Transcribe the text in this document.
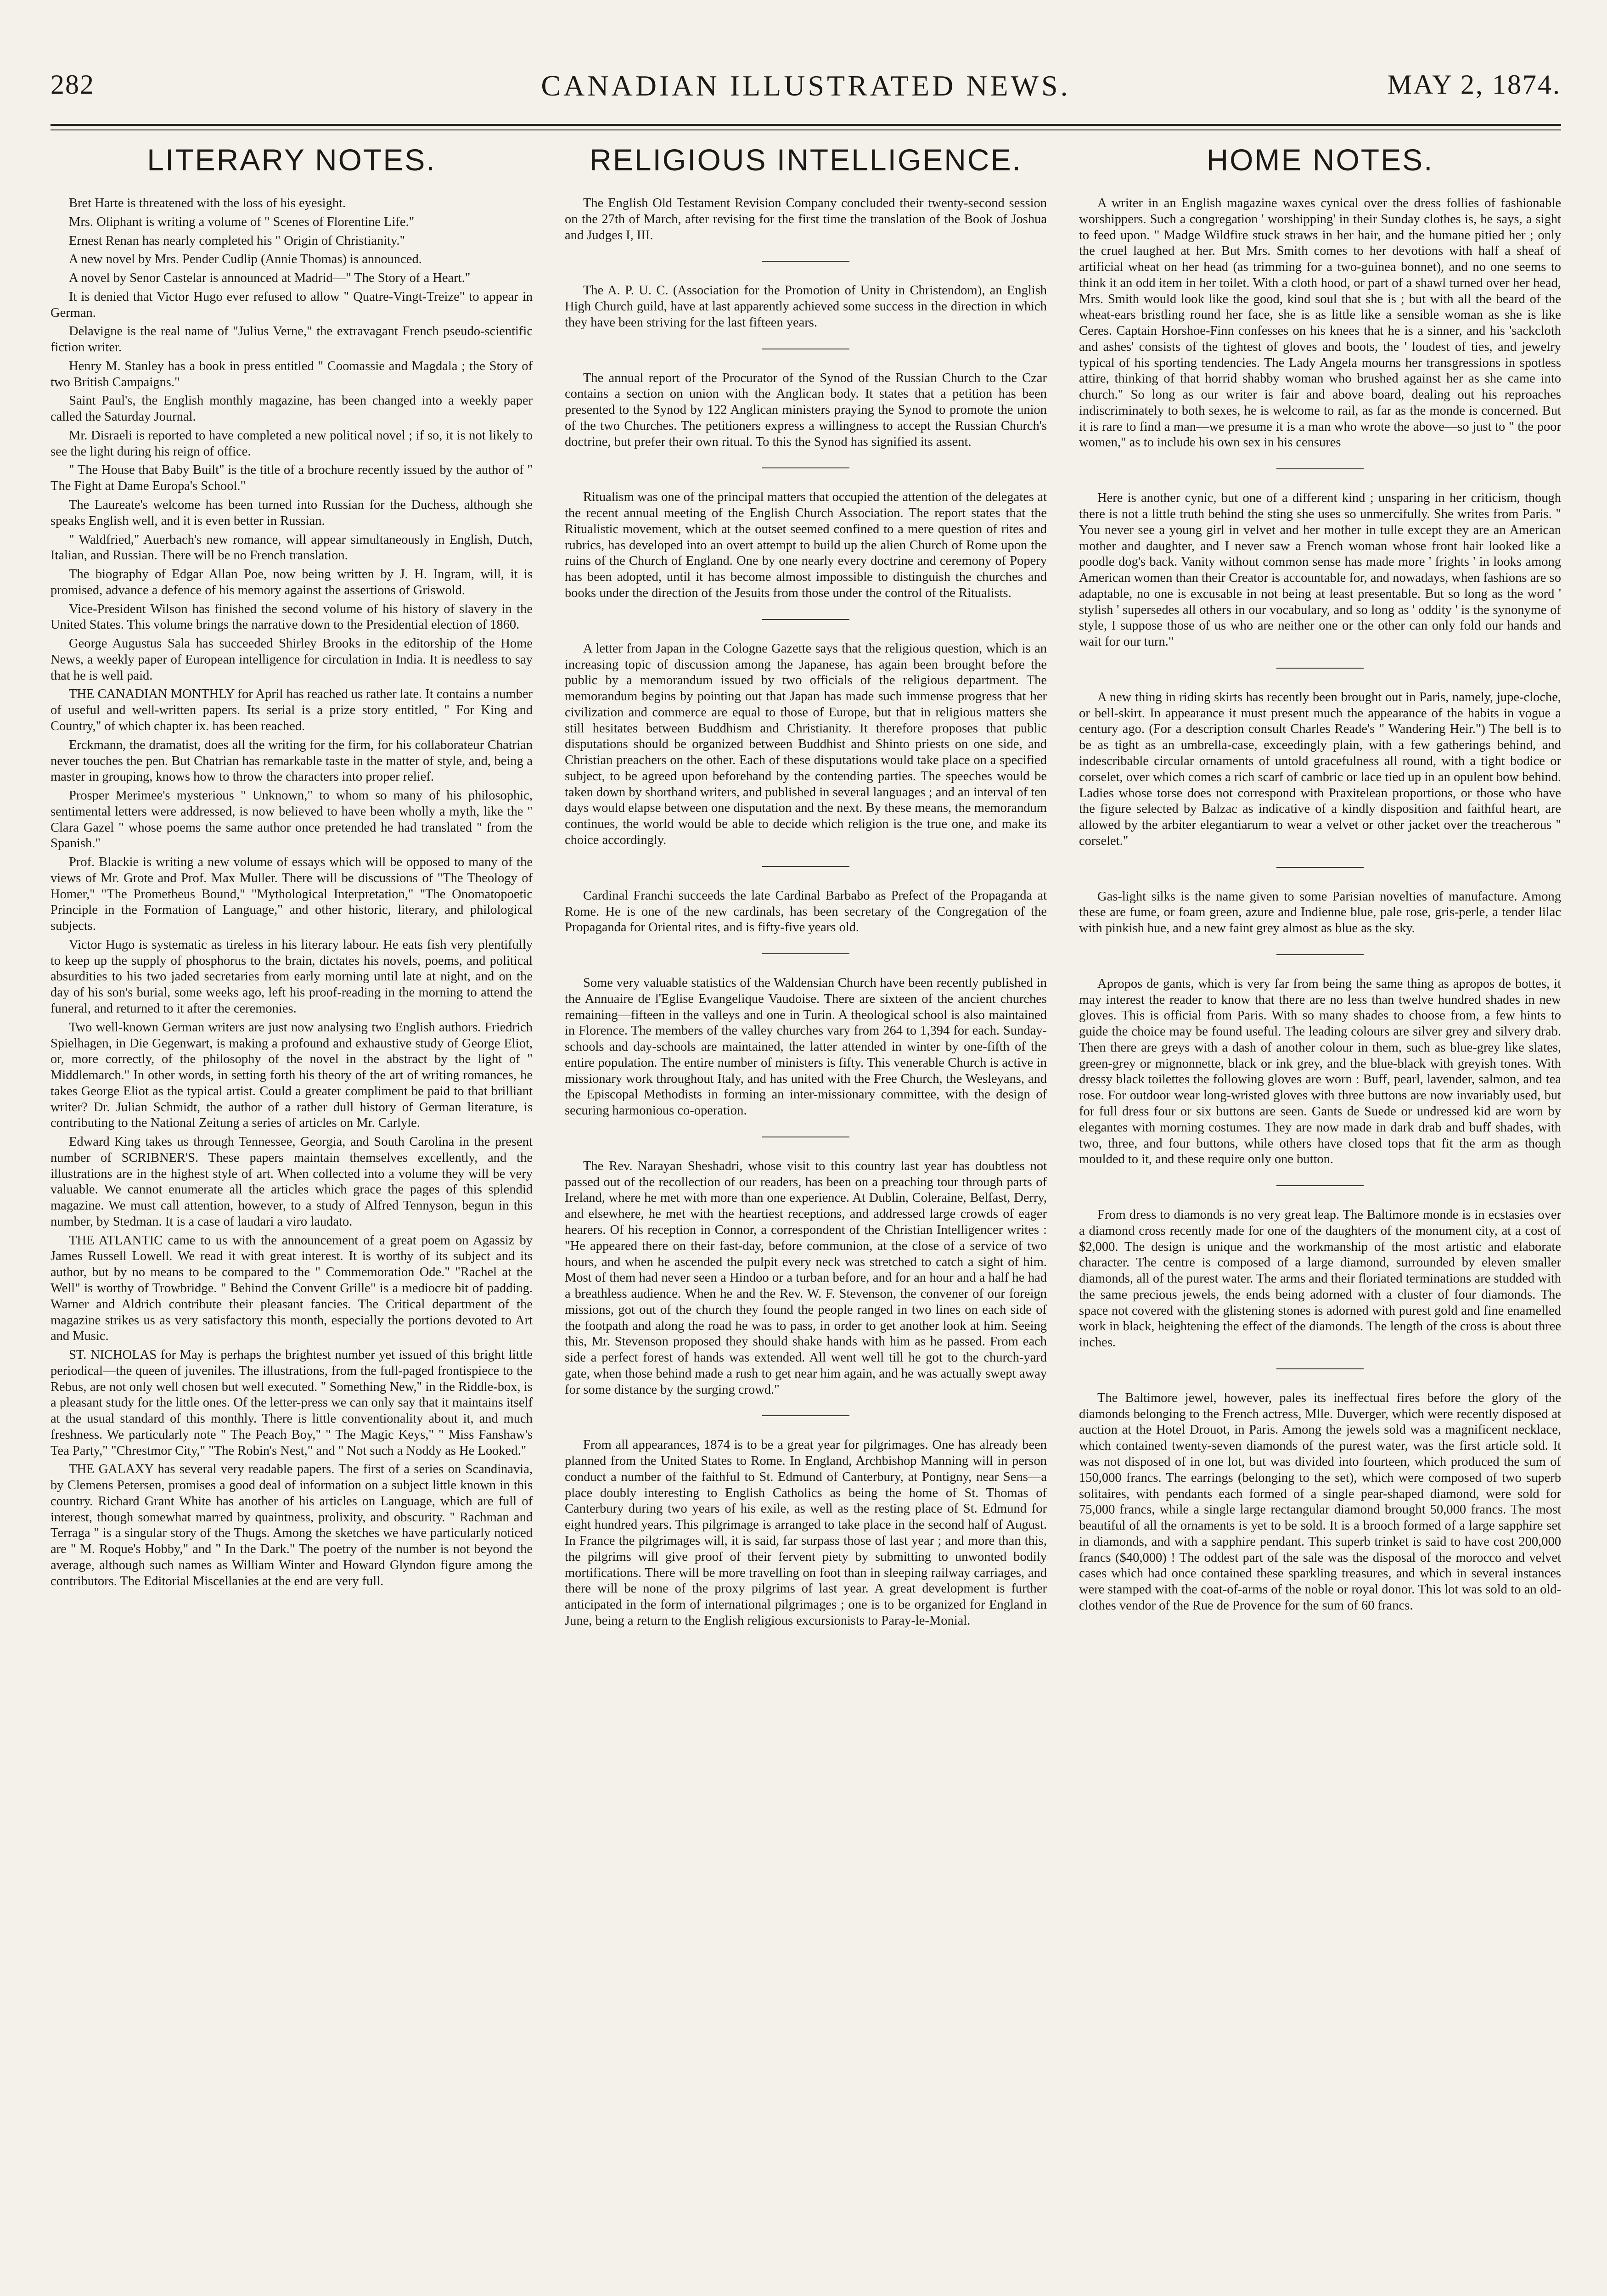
282	CANADIAN ILLUSTRATED NEWS.	MAY 2, 1874.
LITERARY NOTES.

Bret Harte is threatened with the loss of his eyesight.

Mrs. Oliphant is writing a volume of " Scenes of Florentine Life."

Ernest Renan has nearly completed his " Origin of Christianity."

A new novel by Mrs. Pender Cudlip (Annie Thomas) is announced.

A novel by Senor Castelar is announced at Madrid—" The Story of a Heart."

It is denied that Victor Hugo ever refused to allow " Quatre-Vingt-Treize" to appear in German.

Delavigne is the real name of "Julius Verne," the extravagant French pseudo-scientific fiction writer.

Henry M. Stanley has a book in press entitled " Coomassie and Magdala ; the Story of two British Campaigns."

Saint Paul's, the English monthly magazine, has been changed into a weekly paper called the Saturday Journal.

Mr. Disraeli is reported to have completed a new political novel ; if so, it is not likely to see the light during his reign of office.

" The House that Baby Built" is the title of a brochure recently issued by the author of " The Fight at Dame Europa's School."

The Laureate's welcome has been turned into Russian for the Duchess, although she speaks English well, and it is even better in Russian.

" Waldfried," Auerbach's new romance, will appear simultaneously in English, Dutch, Italian, and Russian. There will be no French translation.

The biography of Edgar Allan Poe, now being written by J. H. Ingram, will, it is promised, advance a defence of his memory against the assertions of Griswold.

Vice-President Wilson has finished the second volume of his history of slavery in the United States. This volume brings the narrative down to the Presidential election of 1860.

George Augustus Sala has succeeded Shirley Brooks in the editorship of the Home News, a weekly paper of European intelligence for circulation in India. It is needless to say that he is well paid.

THE CANADIAN MONTHLY for April has reached us rather late. It contains a number of useful and well-written papers. Its serial is a prize story entitled, " For King and Country," of which chapter ix. has been reached.

Erckmann, the dramatist, does all the writing for the firm, for his collaborateur Chatrian never touches the pen. But Chatrian has remarkable taste in the matter of style, and, being a master in grouping, knows how to throw the characters into proper relief.

Prosper Merimee's mysterious " Unknown," to whom so many of his philosophic, sentimental letters were addressed, is now believed to have been wholly a myth, like the " Clara Gazel " whose poems the same author once pretended he had translated " from the Spanish."

Prof. Blackie is writing a new volume of essays which will be opposed to many of the views of Mr. Grote and Prof. Max Muller. There will be discussions of "The Theology of Homer," "The Prometheus Bound," "Mythological Interpretation," "The Onomatopoetic Principle in the Formation of Language," and other historic, literary, and philological subjects.

Victor Hugo is systematic as tireless in his literary labour. He eats fish very plentifully to keep up the supply of phosphorus to the brain, dictates his novels, poems, and political absurdities to his two jaded secretaries from early morning until late at night, and on the day of his son's burial, some weeks ago, left his proof-reading in the morning to attend the funeral, and returned to it after the ceremonies.

Two well-known German writers are just now analysing two English authors. Friedrich Spielhagen, in Die Gegenwart, is making a profound and exhaustive study of George Eliot, or, more correctly, of the philosophy of the novel in the abstract by the light of " Middlemarch." In other words, in setting forth his theory of the art of writing romances, he takes George Eliot as the typical artist. Could a greater compliment be paid to that brilliant writer? Dr. Julian Schmidt, the author of a rather dull history of German literature, is contributing to the National Zeitung a series of articles on Mr. Carlyle.

Edward King takes us through Tennessee, Georgia, and South Carolina in the present number of SCRIBNER'S. These papers maintain themselves excellently, and the illustrations are in the highest style of art. When collected into a volume they will be very valuable. We cannot enumerate all the articles which grace the pages of this splendid magazine. We must call attention, however, to a study of Alfred Tennyson, begun in this number, by Stedman. It is a case of laudari a viro laudato.

THE ATLANTIC came to us with the announcement of a great poem on Agassiz by James Russell Lowell. We read it with great interest. It is worthy of its subject and its author, but by no means to be compared to the " Commemoration Ode." "Rachel at the Well" is worthy of Trowbridge. " Behind the Convent Grille" is a mediocre bit of padding. Warner and Aldrich contribute their pleasant fancies. The Critical department of the magazine strikes us as very satisfactory this month, especially the portions devoted to Art and Music.

ST. NICHOLAS for May is perhaps the brightest number yet issued of this bright little periodical—the queen of juveniles. The illustrations, from the full-paged frontispiece to the Rebus, are not only well chosen but well executed. " Something New," in the Riddle-box, is a pleasant study for the little ones. Of the letter-press we can only say that it maintains itself at the usual standard of this monthly. There is little conventionality about it, and much freshness. We particularly note " The Peach Boy," " The Magic Keys," " Miss Fanshaw's Tea Party," "Chrestmor City," "The Robin's Nest," and " Not such a Noddy as He Looked."

THE GALAXY has several very readable papers. The first of a series on Scandinavia, by Clemens Petersen, promises a good deal of information on a subject little known in this country. Richard Grant White has another of his articles on Language, which are full of interest, though somewhat marred by quaintness, prolixity, and obscurity. " Rachman and Terraga " is a singular story of the Thugs. Among the sketches we have particularly noticed are " M. Roque's Hobby," and " In the Dark." The poetry of the number is not beyond the average, although such names as William Winter and Howard Glyndon figure among the contributors. The Editorial Miscellanies at the end are very full.

RELIGIOUS INTELLIGENCE.

The English Old Testament Revision Company concluded their twenty-second session on the 27th of March, after revising for the first time the translation of the Book of Joshua and Judges I, III.

The A. P. U. C. (Association for the Promotion of Unity in Christendom), an English High Church guild, have at last apparently achieved some success in the direction in which they have been striving for the last fifteen years.

The annual report of the Procurator of the Synod of the Russian Church to the Czar contains a section on union with the Anglican body. It states that a petition has been presented to the Synod by 122 Anglican ministers praying the Synod to promote the union of the two Churches. The petitioners express a willingness to accept the Russian Church's doctrine, but prefer their own ritual. To this the Synod has signified its assent.

Ritualism was one of the principal matters that occupied the attention of the delegates at the recent annual meeting of the English Church Association. The report states that the Ritualistic movement, which at the outset seemed confined to a mere question of rites and rubrics, has developed into an overt attempt to build up the alien Church of Rome upon the ruins of the Church of England. One by one nearly every doctrine and ceremony of Popery has been adopted, until it has become almost impossible to distinguish the churches and books under the direction of the Jesuits from those under the control of the Ritualists.

A letter from Japan in the Cologne Gazette says that the religious question, which is an increasing topic of discussion among the Japanese, has again been brought before the public by a memorandum issued by two officials of the religious department. The memorandum begins by pointing out that Japan has made such immense progress that her civilization and commerce are equal to those of Europe, but that in religious matters she still hesitates between Buddhism and Christianity. It therefore proposes that public disputations should be organized between Buddhist and Shinto priests on one side, and Christian preachers on the other. Each of these disputations would take place on a specified subject, to be agreed upon beforehand by the contending parties. The speeches would be taken down by shorthand writers, and published in several languages ; and an interval of ten days would elapse between one disputation and the next. By these means, the memorandum continues, the world would be able to decide which religion is the true one, and make its choice accordingly.

Cardinal Franchi succeeds the late Cardinal Barbabo as Prefect of the Propaganda at Rome. He is one of the new cardinals, has been secretary of the Congregation of the Propaganda for Oriental rites, and is fifty-five years old.

Some very valuable statistics of the Waldensian Church have been recently published in the Annuaire de l'Eglise Evangelique Vaudoise. There are sixteen of the ancient churches remaining—fifteen in the valleys and one in Turin. A theological school is also maintained in Florence. The members of the valley churches vary from 264 to 1,394 for each. Sunday-schools and day-schools are maintained, the latter attended in winter by one-fifth of the entire population. The entire number of ministers is fifty. This venerable Church is active in missionary work throughout Italy, and has united with the Free Church, the Wesleyans, and the Episcopal Methodists in forming an inter-missionary committee, with the design of securing harmonious co-operation.

The Rev. Narayan Sheshadri, whose visit to this country last year has doubtless not passed out of the recollection of our readers, has been on a preaching tour through parts of Ireland, where he met with more than one experience. At Dublin, Coleraine, Belfast, Derry, and elsewhere, he met with the heartiest receptions, and addressed large crowds of eager hearers. Of his reception in Connor, a correspondent of the Christian Intelligencer writes : "He appeared there on their fast-day, before communion, at the close of a service of two hours, and when he ascended the pulpit every neck was stretched to catch a sight of him. Most of them had never seen a Hindoo or a turban before, and for an hour and a half he had a breathless audience. When he and the Rev. W. F. Stevenson, the convener of our foreign missions, got out of the church they found the people ranged in two lines on each side of the footpath and along the road he was to pass, in order to get another look at him. Seeing this, Mr. Stevenson proposed they should shake hands with him as he passed. From each side a perfect forest of hands was extended. All went well till he got to the church-yard gate, when those behind made a rush to get near him again, and he was actually swept away for some distance by the surging crowd."

From all appearances, 1874 is to be a great year for pilgrimages. One has already been planned from the United States to Rome. In England, Archbishop Manning will in person conduct a number of the faithful to St. Edmund of Canterbury, at Pontigny, near Sens—a place doubly interesting to English Catholics as being the home of St. Thomas of Canterbury during two years of his exile, as well as the resting place of St. Edmund for eight hundred years. This pilgrimage is arranged to take place in the second half of August. In France the pilgrimages will, it is said, far surpass those of last year ; and more than this, the pilgrims will give proof of their fervent piety by submitting to unwonted bodily mortifications. There will be more travelling on foot than in sleeping railway carriages, and there will be none of the proxy pilgrims of last year. A great development is further anticipated in the form of international pilgrimages ; one is to be organized for England in June, being a return to the English religious excursionists to Paray-le-Monial.

HOME NOTES.

A writer in an English magazine waxes cynical over the dress follies of fashionable worshippers. Such a congregation ' worshipping' in their Sunday clothes is, he says, a sight to feed upon. " Madge Wildfire stuck straws in her hair, and the humane pitied her ; only the cruel laughed at her. But Mrs. Smith comes to her devotions with half a sheaf of artificial wheat on her head (as trimming for a two-guinea bonnet), and no one seems to think it an odd item in her toilet. With a cloth hood, or part of a shawl turned over her head, Mrs. Smith would look like the good, kind soul that she is ; but with all the beard of the wheat-ears bristling round her face, she is as little like a sensible woman as she is like Ceres. Captain Horshoe-Finn confesses on his knees that he is a sinner, and his 'sackcloth and ashes' consists of the tightest of gloves and boots, the ' loudest of ties, and jewelry typical of his sporting tendencies. The Lady Angela mourns her transgressions in spotless attire, thinking of that horrid shabby woman who brushed against her as she came into church." So long as our writer is fair and above board, dealing out his reproaches indiscriminately to both sexes, he is welcome to rail, as far as the monde is concerned. But it is rare to find a man—we presume it is a man who wrote the above—so just to " the poor women," as to include his own sex in his censures

Here is another cynic, but one of a different kind ; unsparing in her criticism, though there is not a little truth behind the sting she uses so unmercifully. She writes from Paris. " You never see a young girl in velvet and her mother in tulle except they are an American mother and daughter, and I never saw a French woman whose front hair looked like a poodle dog's back. Vanity without common sense has made more ' frights ' in looks among American women than their Creator is accountable for, and nowadays, when fashions are so adaptable, no one is excusable in not being at least presentable. But so long as the word ' stylish ' supersedes all others in our vocabulary, and so long as ' oddity ' is the synonyme of style, I suppose those of us who are neither one or the other can only fold our hands and wait for our turn."

A new thing in riding skirts has recently been brought out in Paris, namely, jupe-cloche, or bell-skirt. In appearance it must present much the appearance of the habits in vogue a century ago. (For a description consult Charles Reade's " Wandering Heir.") The bell is to be as tight as an umbrella-case, exceedingly plain, with a few gatherings behind, and indescribable circular ornaments of untold gracefulness all round, with a tight bodice or corselet, over which comes a rich scarf of cambric or lace tied up in an opulent bow behind. Ladies whose torse does not correspond with Praxitelean proportions, or those who have the figure selected by Balzac as indicative of a kindly disposition and faithful heart, are allowed by the arbiter elegantiarum to wear a velvet or other jacket over the treacherous " corselet."

Gas-light silks is the name given to some Parisian novelties of manufacture. Among these are fume, or foam green, azure and Indienne blue, pale rose, gris-perle, a tender lilac with pinkish hue, and a new faint grey almost as blue as the sky.

Apropos de gants, which is very far from being the same thing as apropos de bottes, it may interest the reader to know that there are no less than twelve hundred shades in new gloves. This is official from Paris. With so many shades to choose from, a few hints to guide the choice may be found useful. The leading colours are silver grey and silvery drab. Then there are greys with a dash of another colour in them, such as blue-grey like slates, green-grey or mignonnette, black or ink grey, and the blue-black with greyish tones. With dressy black toilettes the following gloves are worn : Buff, pearl, lavender, salmon, and tea rose. For outdoor wear long-wristed gloves with three buttons are now invariably used, but for full dress four or six buttons are seen. Gants de Suede or undressed kid are worn by elegantes with morning costumes. They are now made in dark drab and buff shades, with two, three, and four buttons, while others have closed tops that fit the arm as though moulded to it, and these require only one button.

From dress to diamonds is no very great leap. The Baltimore monde is in ecstasies over a diamond cross recently made for one of the daughters of the monument city, at a cost of $2,000. The design is unique and the workmanship of the most artistic and elaborate character. The centre is composed of a large diamond, surrounded by eleven smaller diamonds, all of the purest water. The arms and their floriated terminations are studded with the same precious jewels, the ends being adorned with a cluster of four diamonds. The space not covered with the glistening stones is adorned with purest gold and fine enamelled work in black, heightening the effect of the diamonds. The length of the cross is about three inches.

The Baltimore jewel, however, pales its ineffectual fires before the glory of the diamonds belonging to the French actress, Mlle. Duverger, which were recently disposed at auction at the Hotel Drouot, in Paris. Among the jewels sold was a magnificent necklace, which contained twenty-seven diamonds of the purest water, was the first article sold. It was not disposed of in one lot, but was divided into fourteen, which produced the sum of 150,000 francs. The earrings (belonging to the set), which were composed of two superb solitaires, with pendants each formed of a single pear-shaped diamond, were sold for 75,000 francs, while a single large rectangular diamond brought 50,000 francs. The most beautiful of all the ornaments is yet to be sold. It is a brooch formed of a large sapphire set in diamonds, and with a sapphire pendant. This superb trinket is said to have cost 200,000 francs ($40,000) ! The oddest part of the sale was the disposal of the morocco and velvet cases which had once contained these sparkling treasures, and which in several instances were stamped with the coat-of-arms of the noble or royal donor. This lot was sold to an old-clothes vendor of the Rue de Provence for the sum of 60 francs.
